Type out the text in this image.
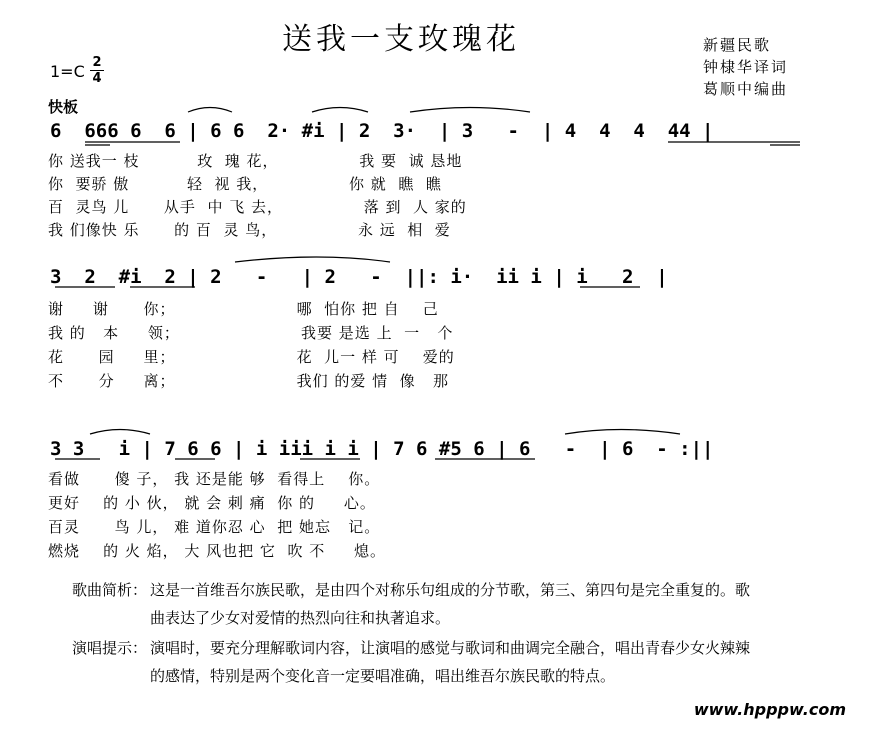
送我一支玫瑰花	新疆民歌
钟棣华译词
葛顺中编曲
1=C 2
4
快板
6  666 6  6 | 6 6  2· #i | 2  3·  | 3   -  | 4  4  4  44 |
你 送我一 枝          玫  瑰 花，              我 要  诚 恳地
你  要骄 傲          轻  视 我，              你 就  瞧  瞧
百  灵鸟 儿      从手  中 飞 去，              落 到  人 家的
我 们像快 乐      的 百  灵 鸟，              永 远  相  爱
3  2  #i  2 | 2   -   | 2   -  ||: i·  ii i | i   2  |
谢     谢      你；                     哪  怕你 把 自    己
我 的   本     领；                     我要 是选 上  一   个
花      园     里；                     花  儿一 样 可    爱的
不      分     离；                     我们 的爱 情  像   那
3 3   i | 7 6 6 | i iii i i | 7 6 #5 6 | 6   -  | 6  - :||
看做      傻 子， 我 还是能 够  看得上    你。
更好    的 小 伙， 就 会 刺 痛  你 的     心。
百灵      鸟 儿， 难 道你忍 心  把 她忘   记。
燃烧    的 火 焰， 大 风也把 它  吹 不     熄。
歌曲简析： 这是一首维吾尔族民歌，是由四个对称乐句组成的分节歌，第三、第四句是完全重复的。歌
曲表达了少女对爱情的热烈向往和执著追求。
演唱提示： 演唱时，要充分理解歌词内容，让演唱的感觉与歌词和曲调完全融合，唱出青春少女火辣辣
的感情，特别是两个变化音一定要唱准确，唱出维吾尔族民歌的特点。
www.hpppw.com
